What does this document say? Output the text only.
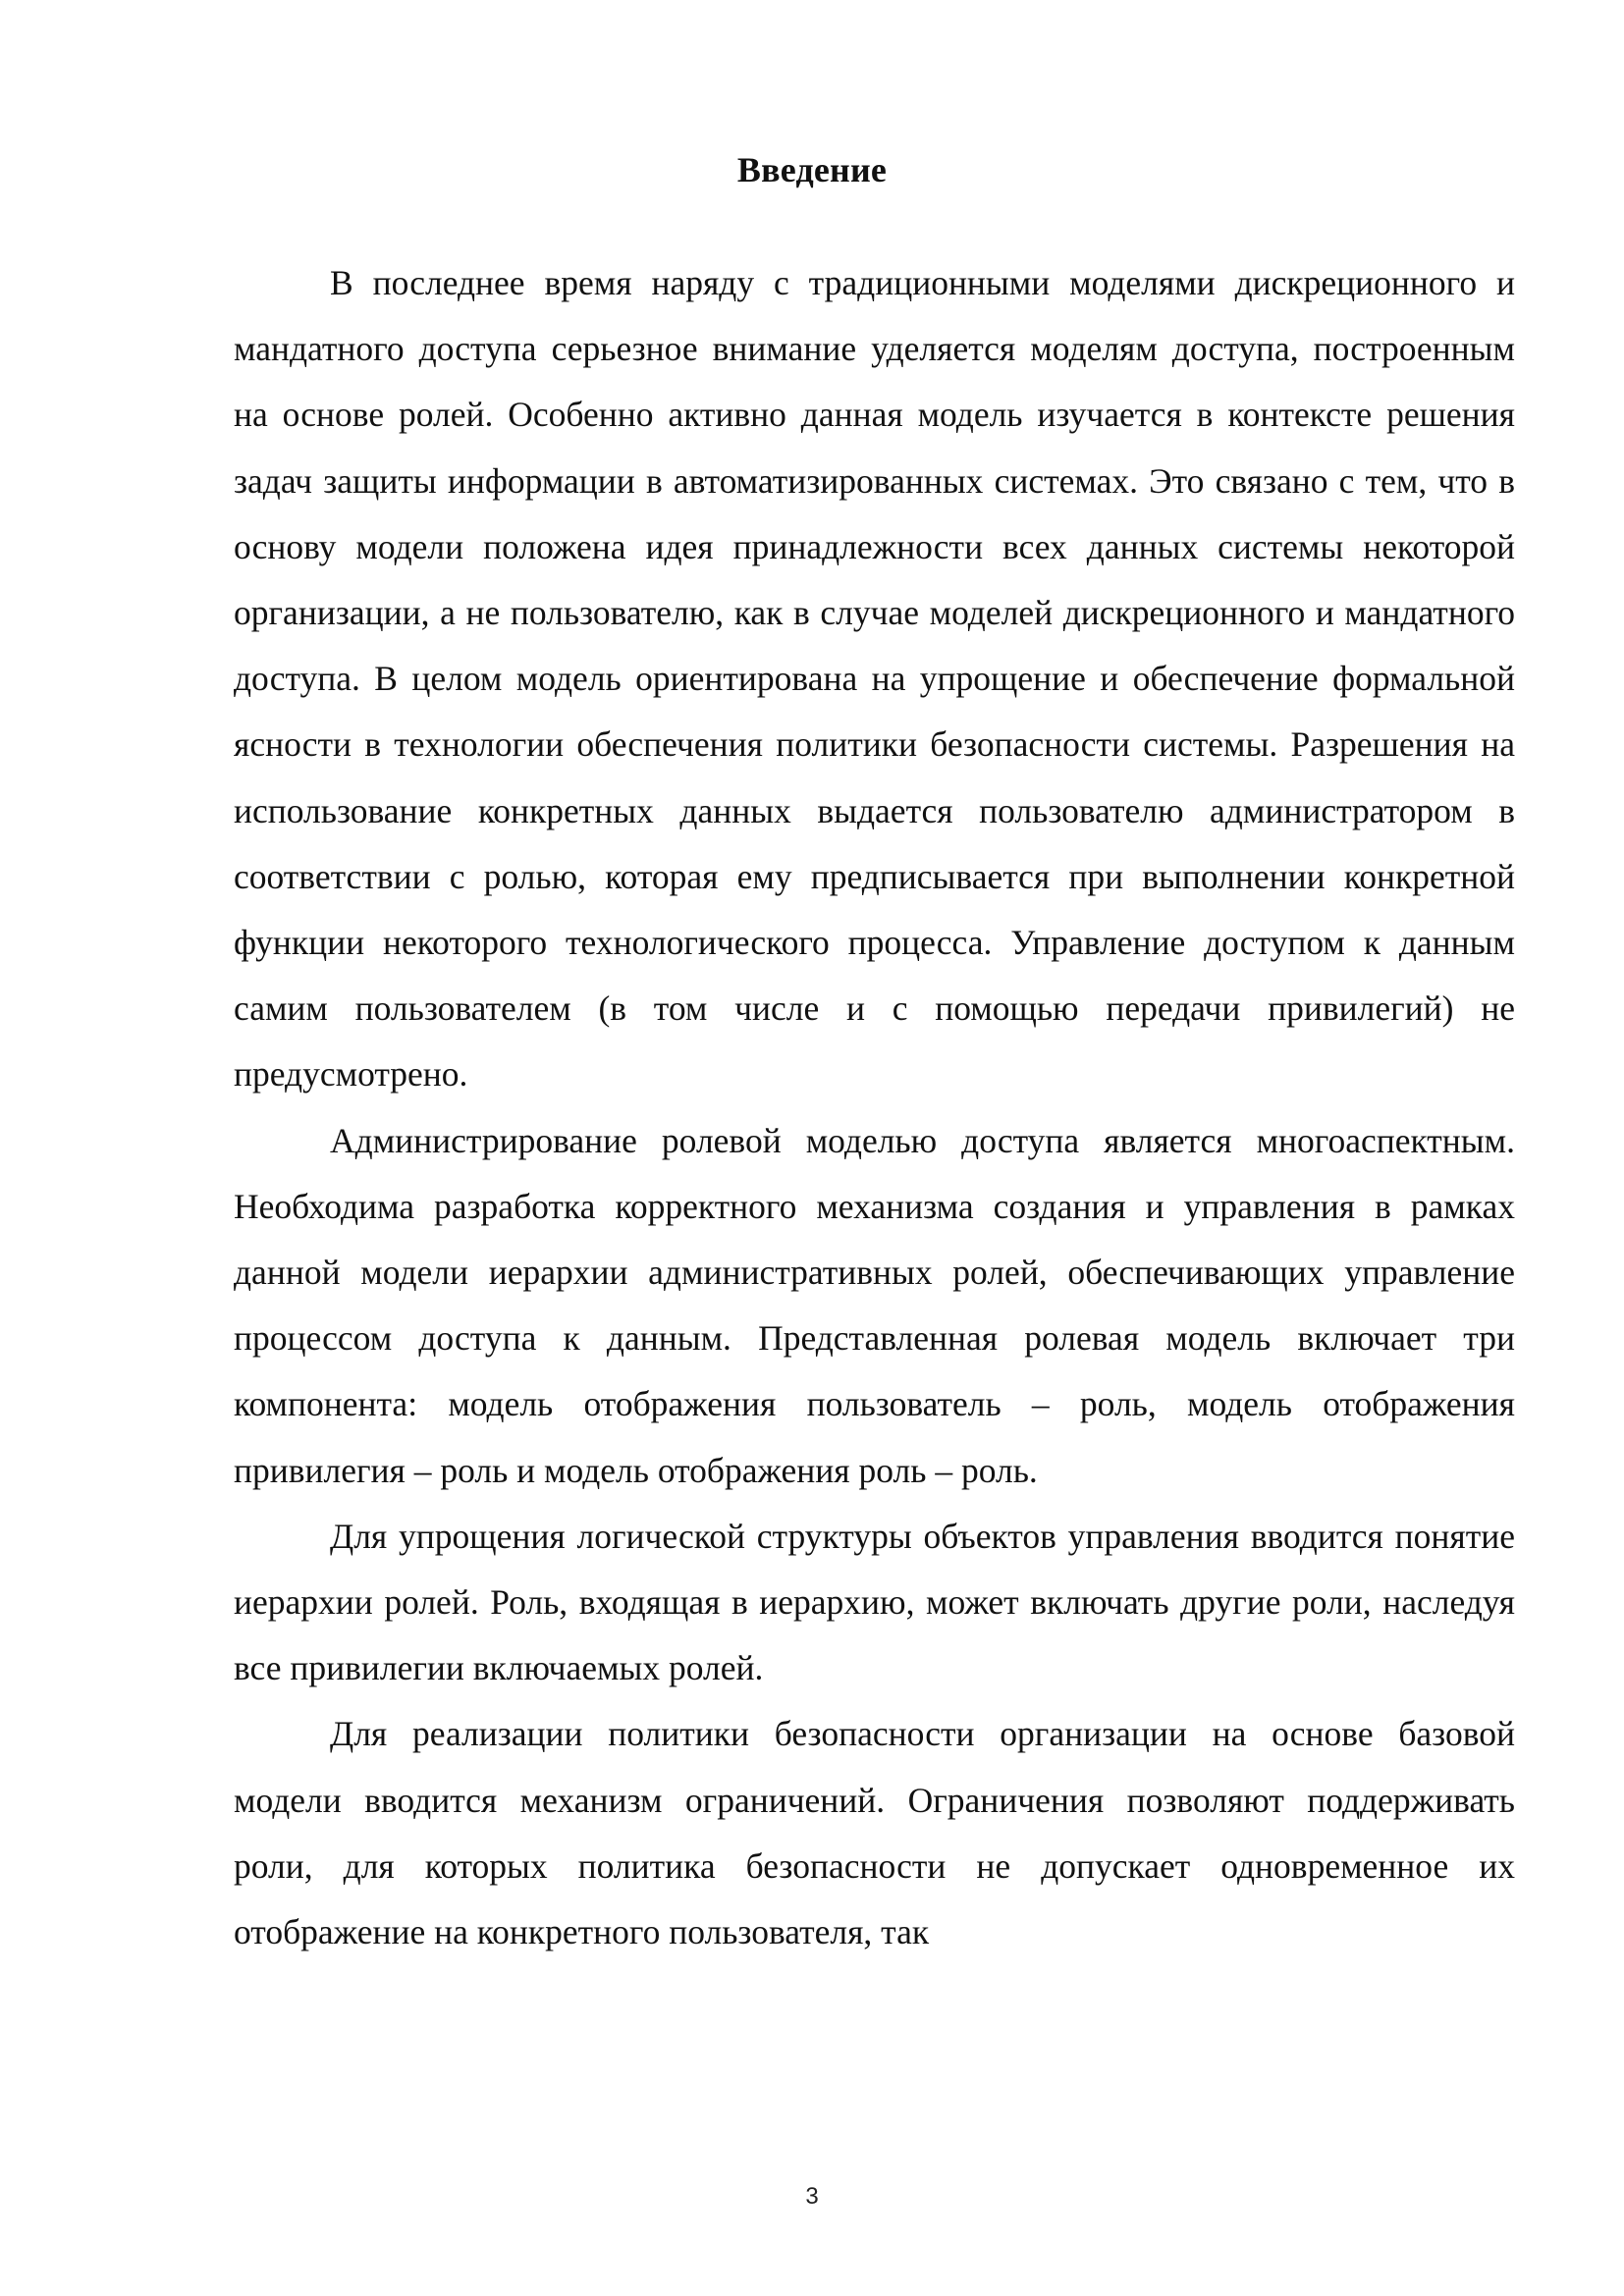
Введение

В последнее время наряду с традиционными моделями дискреционного и мандатного доступа серьезное внимание уделяется моделям доступа, построенным на основе ролей. Особенно активно данная модель изучается в контексте решения задач защиты информации в автоматизированных системах. Это связано с тем, что в основу модели положена идея принадлежности всех данных системы некоторой организации, а не пользователю, как в случае моделей дискреционного и мандатного доступа. В целом модель ориентирована на упрощение и обеспечение формальной ясности в технологии обеспечения политики безопасности системы. Разрешения на использование конкретных данных выдается пользователю администратором в соответствии с ролью, которая ему предписывается при выполнении конкретной функции некоторого технологического процесса. Управление доступом к данным самим пользователем (в том числе и с помощью передачи привилегий) не предусмотрено.

Администрирование ролевой моделью доступа является многоаспектным. Необходима разработка корректного механизма создания и управления в рамках данной модели иерархии административных ролей, обеспечивающих управление процессом доступа к данным. Представленная ролевая модель включает три компонента: модель отображения пользователь – роль, модель отображения привилегия – роль и модель отображения роль – роль.

Для упрощения логической структуры объектов управления вводится понятие иерархии ролей. Роль, входящая в иерархию, может включать другие роли, наследуя все привилегии включаемых ролей.

Для реализации политики безопасности организации на основе базовой модели вводится механизм ограничений. Ограничения позволяют поддерживать роли, для которых политика безопасности не допускает одновременное их отображение на конкретного пользователя, так

3
